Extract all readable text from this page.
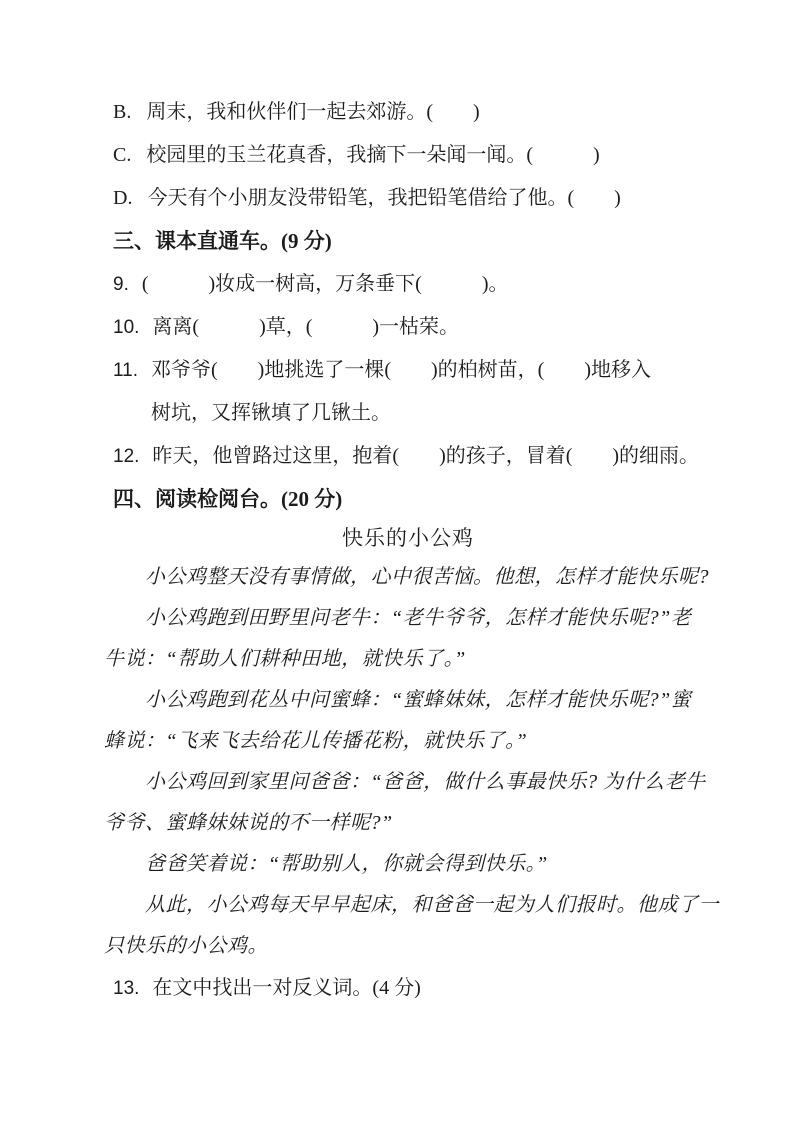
B. 周末，我和伙伴们一起去郊游。(　　)
C. 校园里的玉兰花真香，我摘下一朵闻一闻。(　　　)
D. 今天有个小朋友没带铅笔，我把铅笔借给了他。(　　)
三、课本直通车。(9 分)
9. (　　　)妆成一树高，万条垂下(　　　)。
10. 离离(　　　)草，(　　　)一枯荣。
11. 邓爷爷(　　)地挑选了一棵(　　)的柏树苗，(　　)地移入
树坑，又挥锹填了几锹土。
12. 昨天，他曾路过这里，抱着(　　)的孩子，冒着(　　)的细雨。
四、阅读检阅台。(20 分)
快乐的小公鸡
　　小公鸡整天没有事情做，心中很苦恼。他想，怎样才能快乐呢?
　　小公鸡跑到田野里问老牛：“老牛爷爷，怎样才能快乐呢?”老
牛说：“帮助人们耕种田地，就快乐了。”
　　小公鸡跑到花丛中问蜜蜂：“蜜蜂妹妹，怎样才能快乐呢?”蜜
蜂说：“飞来飞去给花儿传播花粉，就快乐了。”
　　小公鸡回到家里问爸爸：“爸爸，做什么事最快乐? 为什么老牛
爷爷、蜜蜂妹妹说的不一样呢?”
　　爸爸笑着说：“帮助别人，你就会得到快乐。”
　　从此，小公鸡每天早早起床，和爸爸一起为人们报时。他成了一
只快乐的小公鸡。
13. 在文中找出一对反义词。(4 分)
